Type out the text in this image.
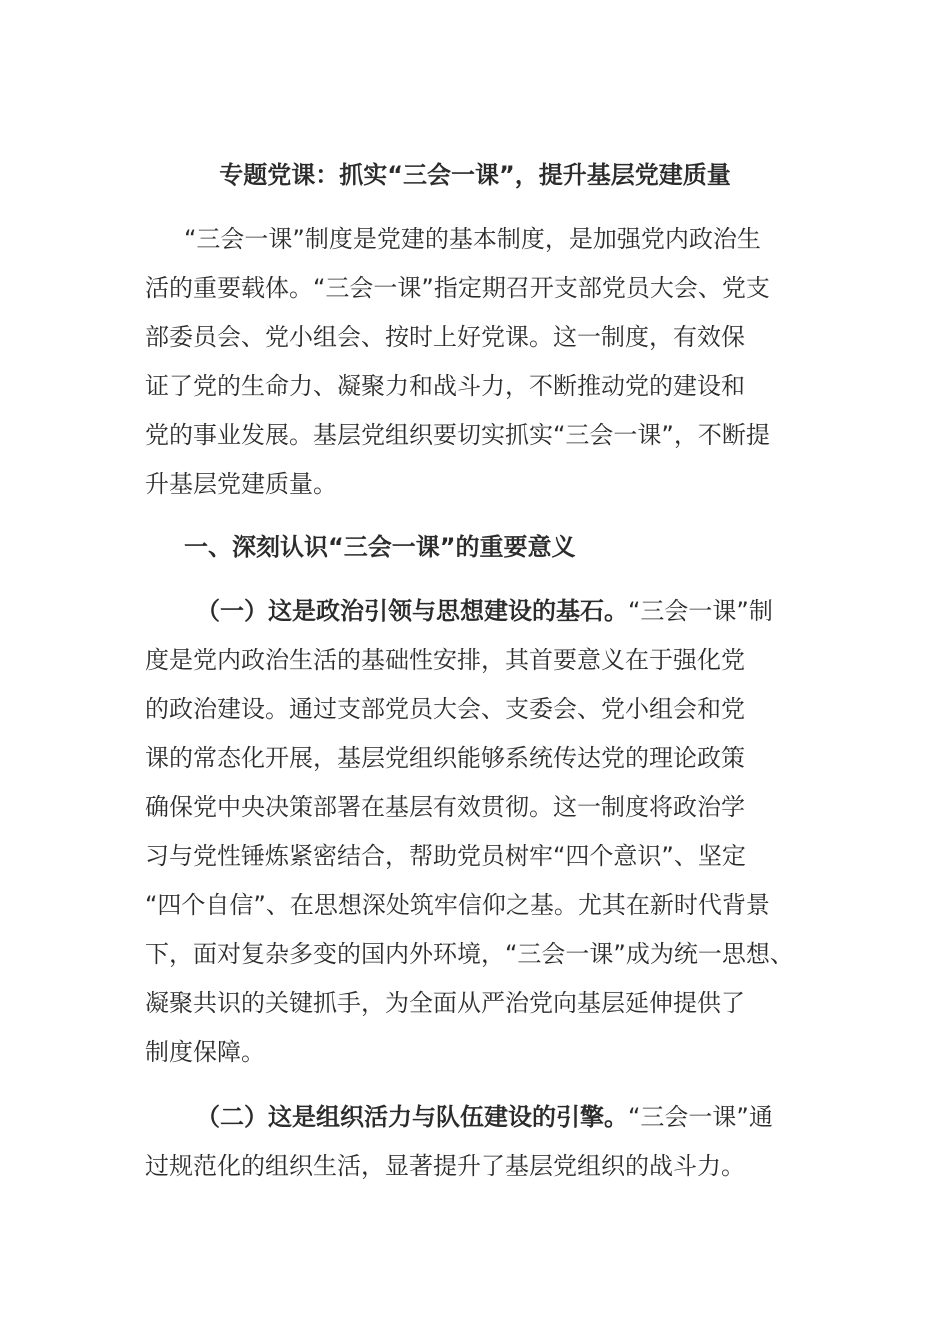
专题党课：抓实“三会一课”，提升基层党建质量

“三会一课”制度是党建的基本制度，是加强党内政治生

活的重要载体。“三会一课”指定期召开支部党员大会、党支

部委员会、党小组会、按时上好党课。这一制度，有效保

证了党的生命力、凝聚力和战斗力，不断推动党的建设和

党的事业发展。基层党组织要切实抓实“三会一课”，不断提

升基层党建质量。

一、深刻认识“三会一课”的重要意义

（一）这是政治引领与思想建设的基石。“三会一课”制

度是党内政治生活的基础性安排，其首要意义在于强化党

的政治建设。通过支部党员大会、支委会、党小组会和党

课的常态化开展，基层党组织能够系统传达党的理论政策

确保党中央决策部署在基层有效贯彻。这一制度将政治学

习与党性锤炼紧密结合，帮助党员树牢“四个意识”、坚定

“四个自信”、在思想深处筑牢信仰之基。尤其在新时代背景

下，面对复杂多变的国内外环境，“三会一课”成为统一思想、

凝聚共识的关键抓手，为全面从严治党向基层延伸提供了

制度保障。

（二）这是组织活力与队伍建设的引擎。“三会一课”通

过规范化的组织生活，显著提升了基层党组织的战斗力。
